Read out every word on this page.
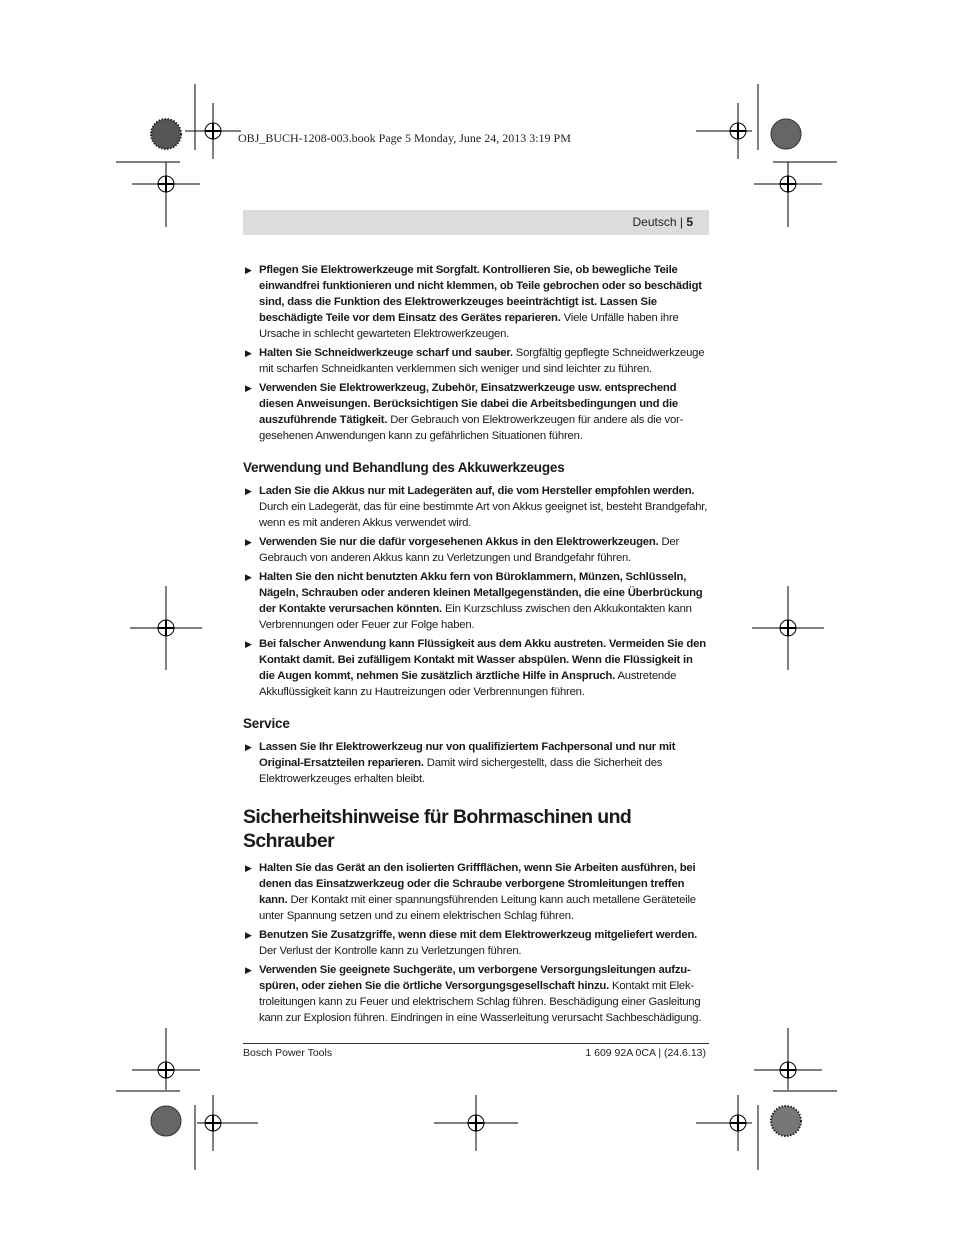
OBJ_BUCH-1208-003.book Page 5 Monday, June 24, 2013 3:19 PM
Deutsch | 5
▶ Pflegen Sie Elektrowerkzeuge mit Sorgfalt. Kontrollieren Sie, ob bewegliche Teile einwandfrei funktionieren und nicht klemmen, ob Teile gebrochen oder so beschädigt sind, dass die Funktion des Elektrowerkzeuges beeinträchtigt ist. Lassen Sie beschädigte Teile vor dem Einsatz des Gerätes reparieren. Viele Unfälle haben ihre Ursache in schlecht gewarteten Elektrowerkzeugen.
▶ Halten Sie Schneidwerkzeuge scharf und sauber. Sorgfältig gepflegte Schneidwerkzeuge mit scharfen Schneidkanten verklemmen sich weniger und sind leichter zu führen.
▶ Verwenden Sie Elektrowerkzeug, Zubehör, Einsatzwerkzeuge usw. entsprechend diesen Anweisungen. Berücksichtigen Sie dabei die Arbeitsbedingungen und die auszuführende Tätigkeit. Der Gebrauch von Elektrowerkzeugen für andere als die vorgesehenen Anwendungen kann zu gefährlichen Situationen führen.
Verwendung und Behandlung des Akkuwerkzeuges
▶ Laden Sie die Akkus nur mit Ladegeräten auf, die vom Hersteller empfohlen werden. Durch ein Ladegerät, das für eine bestimmte Art von Akkus geeignet ist, besteht Brandgefahr, wenn es mit anderen Akkus verwendet wird.
▶ Verwenden Sie nur die dafür vorgesehenen Akkus in den Elektrowerkzeugen. Der Gebrauch von anderen Akkus kann zu Verletzungen und Brandgefahr führen.
▶ Halten Sie den nicht benutzten Akku fern von Büroklammern, Münzen, Schlüsseln, Nägeln, Schrauben oder anderen kleinen Metallgegenständen, die eine Überbrückung der Kontakte verursachen könnten. Ein Kurzschluss zwischen den Akkukontakten kann Verbrennungen oder Feuer zur Folge haben.
▶ Bei falscher Anwendung kann Flüssigkeit aus dem Akku austreten. Vermeiden Sie den Kontakt damit. Bei zufälligem Kontakt mit Wasser abspülen. Wenn die Flüssigkeit in die Augen kommt, nehmen Sie zusätzlich ärztliche Hilfe in Anspruch. Austretende Akkuflüssigkeit kann zu Hautreizungen oder Verbrennungen führen.
Service
▶ Lassen Sie Ihr Elektrowerkzeug nur von qualifiziertem Fachpersonal und nur mit Original-Ersatzteilen reparieren. Damit wird sichergestellt, dass die Sicherheit des Elektrowerkzeuges erhalten bleibt.
Sicherheitshinweise für Bohrmaschinen und Schrauber
▶ Halten Sie das Gerät an den isolierten Griffflächen, wenn Sie Arbeiten ausführen, bei denen das Einsatzwerkzeug oder die Schraube verborgene Stromleitungen treffen kann. Der Kontakt mit einer spannungsführenden Leitung kann auch metallene Geräteteile unter Spannung setzen und zu einem elektrischen Schlag führen.
▶ Benutzen Sie Zusatzgriffe, wenn diese mit dem Elektrowerkzeug mitgeliefert werden. Der Verlust der Kontrolle kann zu Verletzungen führen.
▶ Verwenden Sie geeignete Suchgeräte, um verborgene Versorgungsleitungen aufzuspüren, oder ziehen Sie die örtliche Versorgungsgesellschaft hinzu. Kontakt mit Elektroleitungen kann zu Feuer und elektrischem Schlag führen. Beschädigung einer Gasleitung kann zur Explosion führen. Eindringen in eine Wasserleitung verursacht Sachbeschädigung.
Bosch Power Tools	1 609 92A 0CA | (24.6.13)
